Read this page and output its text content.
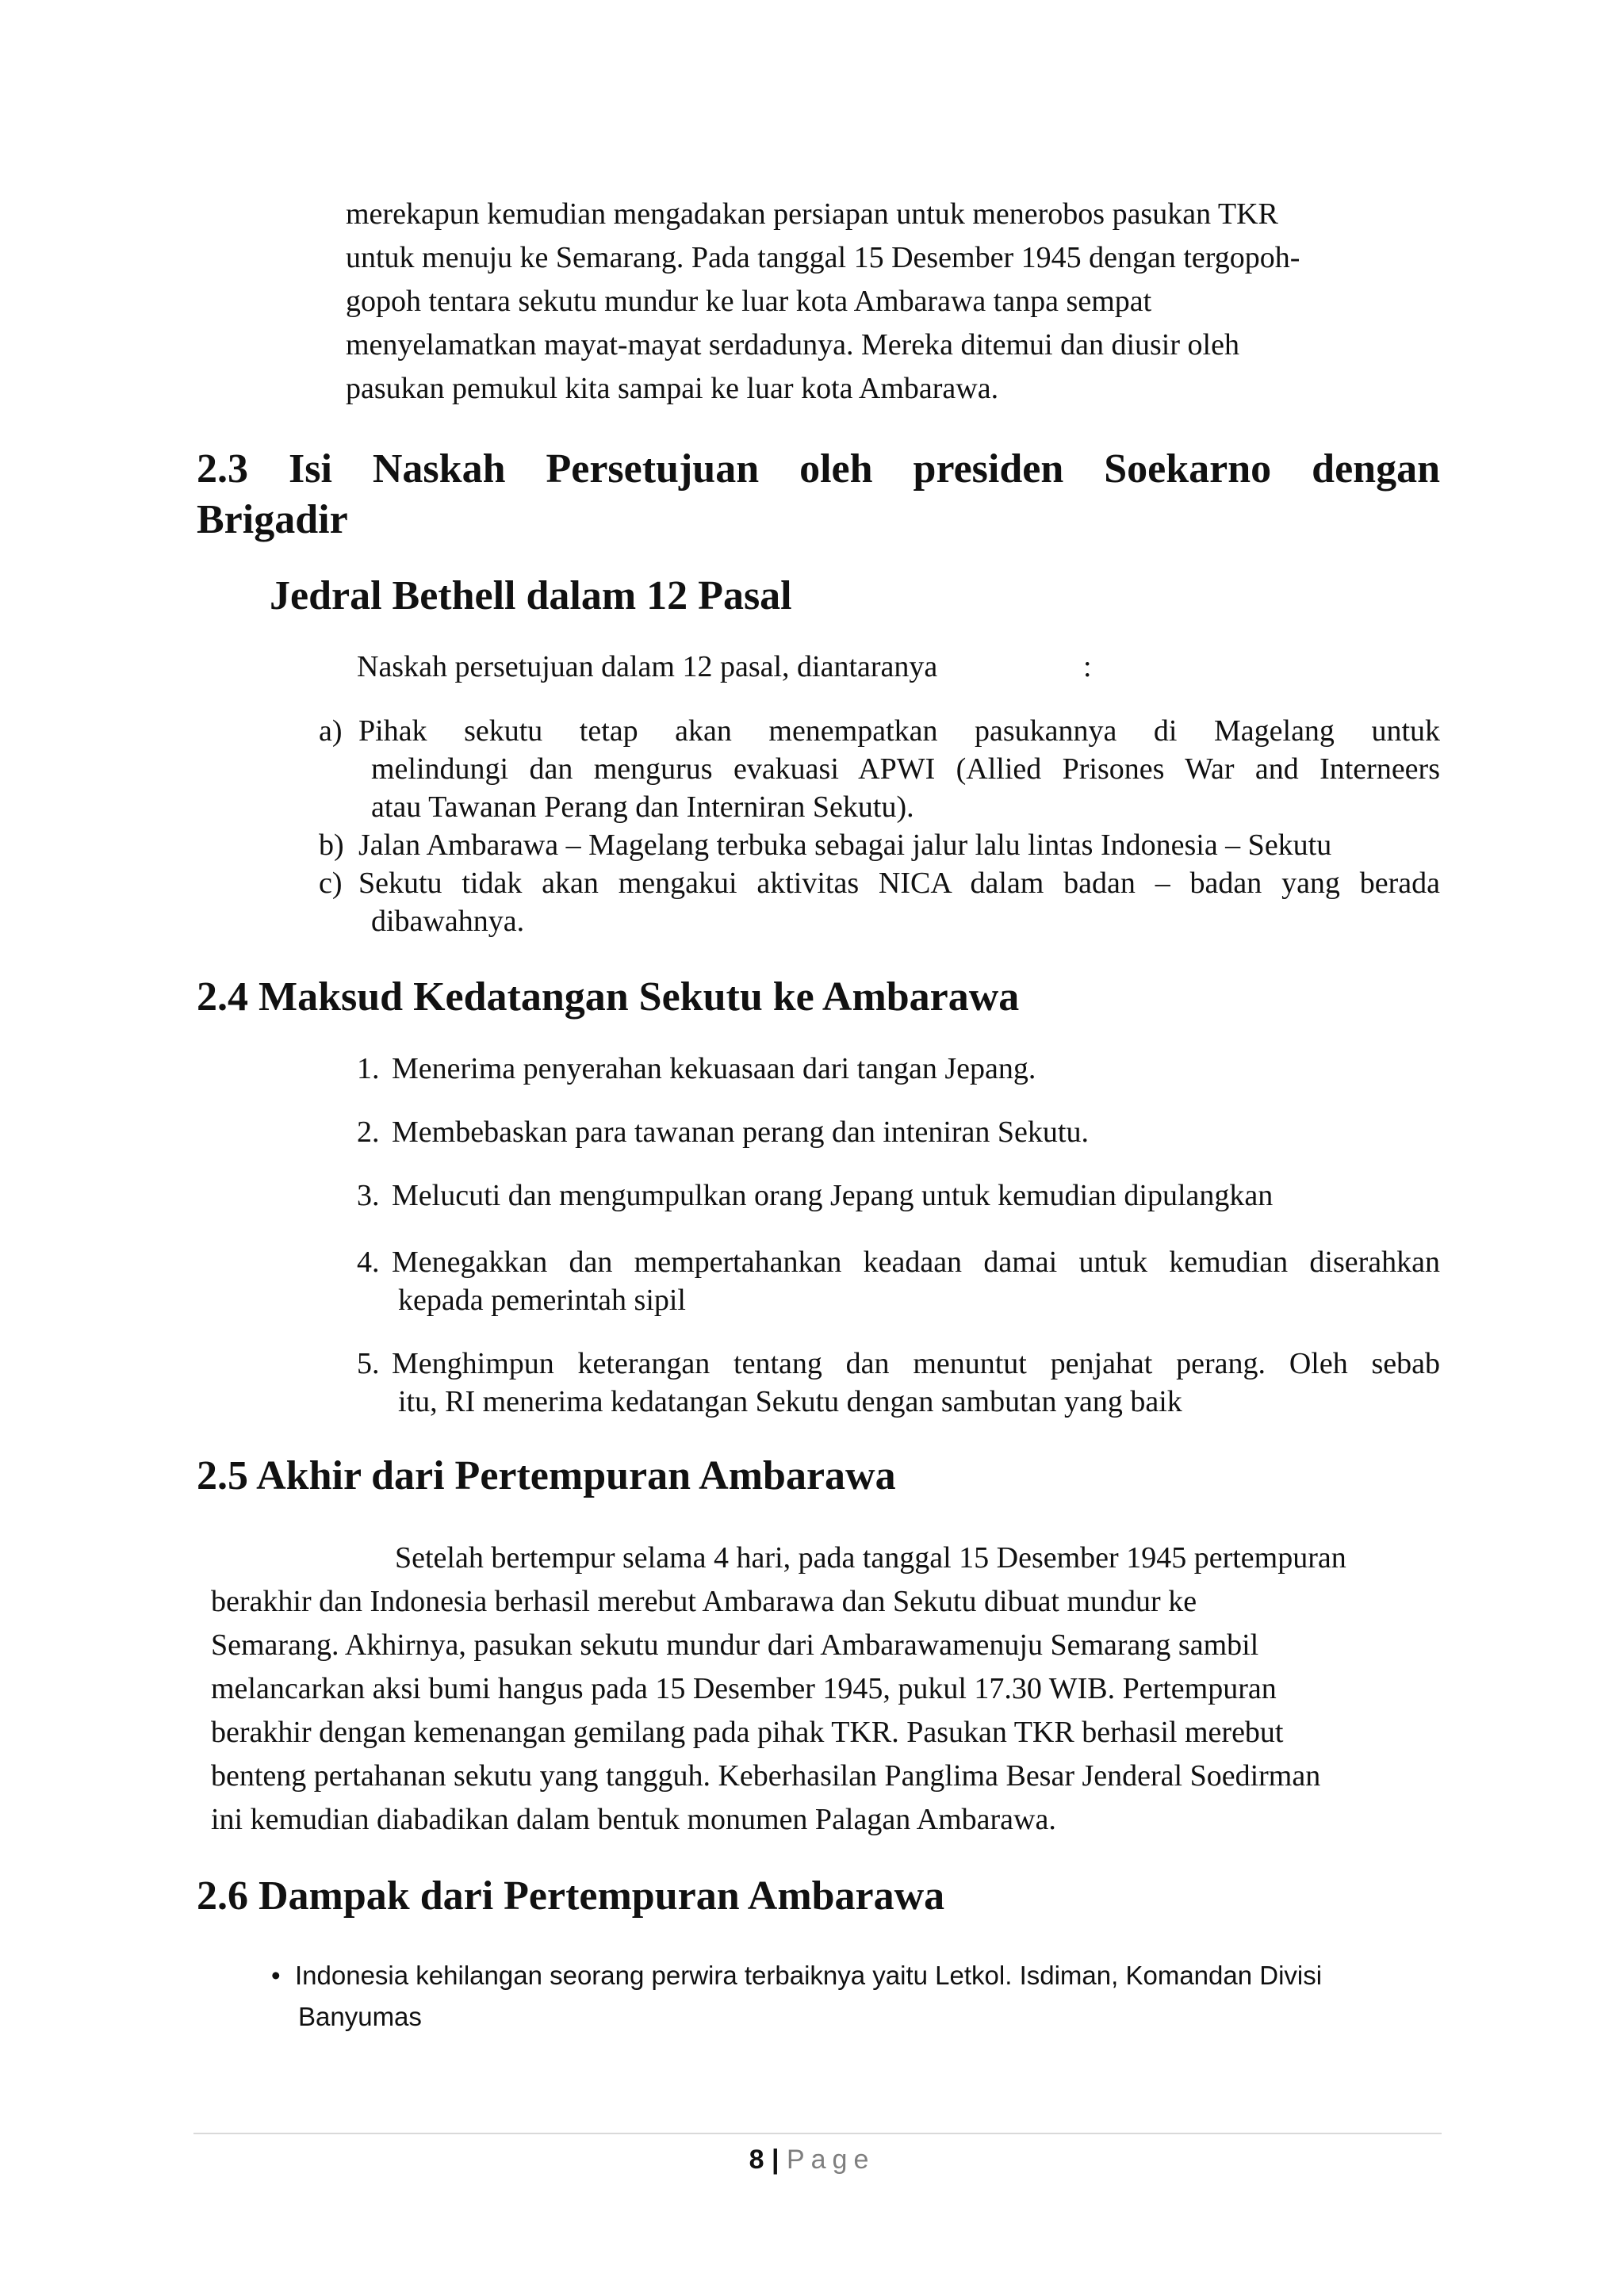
merekapun kemudian mengadakan persiapan untuk menerobos pasukan TKR
untuk menuju ke Semarang. Pada tanggal 15 Desember 1945 dengan tergopoh-
gopoh tentara sekutu mundur ke luar kota Ambarawa tanpa sempat
menyelamatkan mayat-mayat serdadunya. Mereka ditemui dan diusir oleh
pasukan pemukul kita sampai ke luar kota Ambarawa.
2.3 Isi Naskah Persetujuan oleh presiden Soekarno dengan
Brigadir
Jedral Bethell dalam 12 Pasal
Naskah persetujuan dalam 12 pasal, diantaranya	:
a) Pihak sekutu tetap akan menempatkan pasukannya di Magelang untuk
melindungi dan mengurus evakuasi APWI (Allied Prisones War and Interneers
atau Tawanan Perang dan Interniran Sekutu).
b) Jalan Ambarawa – Magelang terbuka sebagai jalur lalu lintas Indonesia – Sekutu
c) Sekutu tidak akan mengakui aktivitas NICA dalam badan – badan yang berada
dibawahnya.
2.4 Maksud Kedatangan Sekutu ke Ambarawa
1. Menerima penyerahan kekuasaan dari tangan Jepang.
2. Membebaskan para tawanan perang dan inteniran Sekutu.
3. Melucuti dan mengumpulkan orang Jepang untuk kemudian dipulangkan
4. Menegakkan dan mempertahankan keadaan damai untuk kemudian diserahkan
kepada pemerintah sipil
5. Menghimpun keterangan tentang dan menuntut penjahat perang. Oleh sebab
itu, RI menerima kedatangan Sekutu dengan sambutan yang baik
2.5 Akhir dari Pertempuran Ambarawa
Setelah bertempur selama 4 hari, pada tanggal 15 Desember 1945 pertempuran
berakhir dan Indonesia berhasil merebut Ambarawa dan Sekutu dibuat mundur ke
Semarang. Akhirnya, pasukan sekutu mundur dari Ambarawamenuju Semarang sambil
melancarkan aksi bumi hangus pada 15 Desember 1945, pukul 17.30 WIB. Pertempuran
berakhir dengan kemenangan gemilang pada pihak TKR. Pasukan TKR berhasil merebut
benteng pertahanan sekutu yang tangguh. Keberhasilan Panglima Besar Jenderal Soedirman
ini kemudian diabadikan dalam bentuk monumen Palagan Ambarawa.
2.6 Dampak dari Pertempuran Ambarawa
• Indonesia kehilangan seorang perwira terbaiknya yaitu Letkol. Isdiman, Komandan Divisi
Banyumas
8 | Page
